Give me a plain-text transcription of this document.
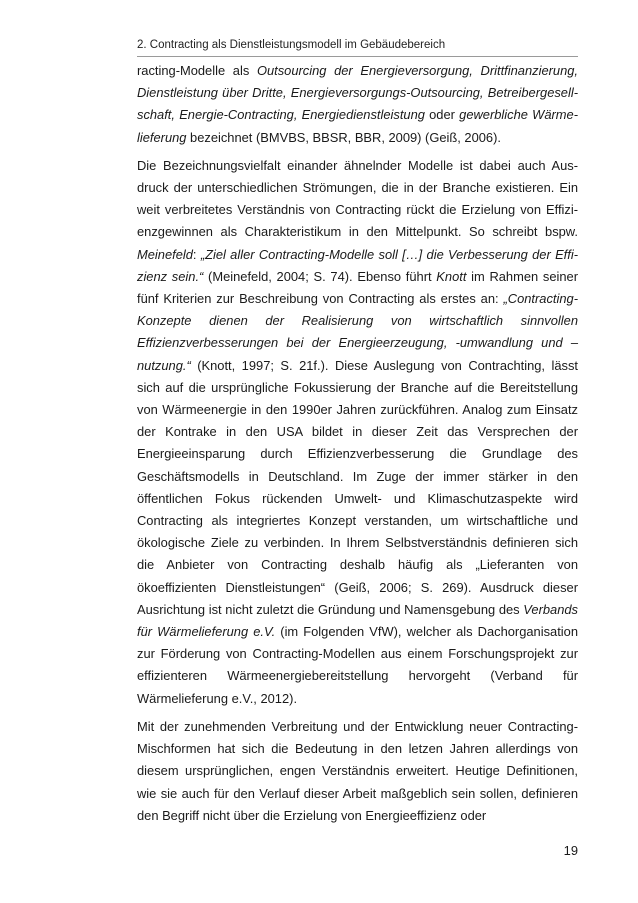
2. Contracting als Dienstleistungsmodell im Gebäudebereich

racting-Modelle als Outsourcing der Energieversorgung, Drittfinanzierung, Dienstleistung über Dritte, Energieversorgungs-Outsourcing, Betreibergesell-schaft, Energie-Contracting, Energiedienstleistung oder gewerbliche Wärme-lieferung bezeichnet (BMVBS, BBSR, BBR, 2009) (Geiß, 2006).

Die Bezeichnungsvielfalt einander ähnelnder Modelle ist dabei auch Aus-druck der unterschiedlichen Strömungen, die in der Branche existieren. Ein weit verbreitetes Verständnis von Contracting rückt die Erzielung von Effizi-enzgewinnen als Charakteristikum in den Mittelpunkt. So schreibt bspw. Meinefeld: „Ziel aller Contracting-Modelle soll […] die Verbesserung der Effi-zienz sein.“ (Meinefeld, 2004; S. 74). Ebenso führt Knott im Rahmen seiner fünf Kriterien zur Beschreibung von Contracting als erstes an: „Contracting-Konzepte dienen der Realisierung von wirtschaftlich sinnvollen Effizienzverbesserungen bei der Energieerzeugung, -umwandlung und –nutzung.“ (Knott, 1997; S. 21f.). Diese Auslegung von Contrachting, lässt sich auf die ursprüngliche Fokussierung der Branche auf die Bereitstellung von Wärmeenergie in den 1990er Jahren zurückführen. Analog zum Einsatz der Kontrake in den USA bildet in dieser Zeit das Versprechen der Energieeinsparung durch Effizienzverbesserung die Grundlage des Geschäftsmodells in Deutschland. Im Zuge der immer stärker in den öffentlichen Fokus rückenden Umwelt- und Klimaschutzaspekte wird Contracting als integriertes Konzept verstanden, um wirtschaftliche und ökologische Ziele zu verbinden. In Ihrem Selbstverständnis definieren sich die Anbieter von Contracting deshalb häufig als „Lieferanten von ökoeffizienten Dienstleistungen“ (Geiß, 2006; S. 269). Ausdruck dieser Ausrichtung ist nicht zuletzt die Gründung und Namensgebung des Verbands für Wärmelieferung e.V. (im Folgenden VfW), welcher als Dachorganisation zur Förderung von Contracting-Modellen aus einem Forschungsprojekt zur effizienteren Wärmeenergiebereitstellung hervorgeht (Verband für Wärmelieferung e.V., 2012).

Mit der zunehmenden Verbreitung und der Entwicklung neuer Contracting-Mischformen hat sich die Bedeutung in den letzen Jahren allerdings von diesem ursprünglichen, engen Verständnis erweitert. Heutige Definitionen, wie sie auch für den Verlauf dieser Arbeit maßgeblich sein sollen, definieren den Begriff nicht über die Erzielung von Energieeffizienz oder

19
